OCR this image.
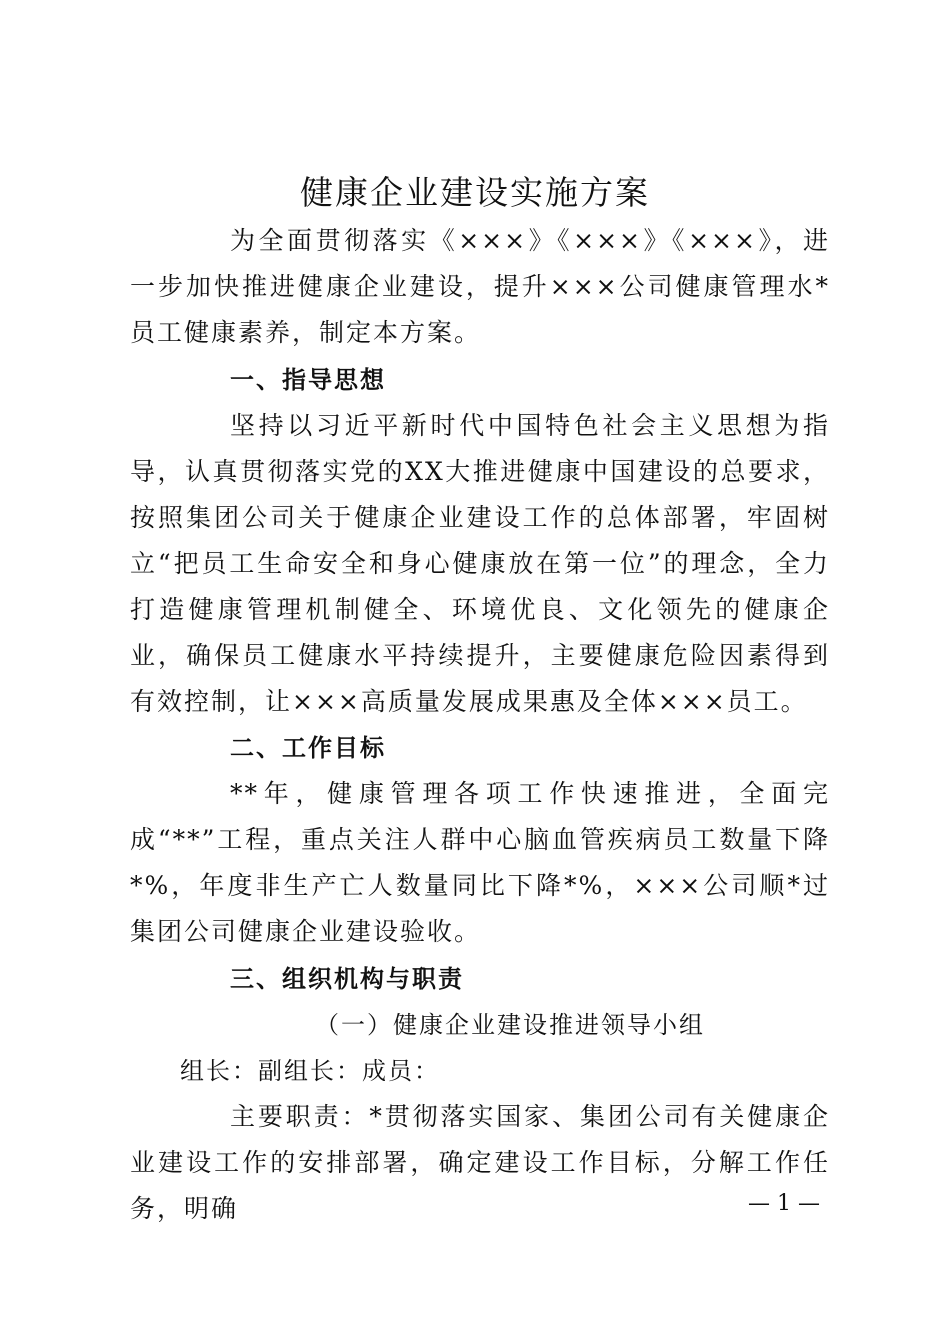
健康企业建设实施方案
为全面贯彻落实《×××》《×××》《×××》，进一步加快推进健康企业建设，提升×××公司健康管理水*员工健康素养，制定本方案。
一、指导思想
坚持以习近平新时代中国特色社会主义思想为指导，认真贯彻落实党的XX大推进健康中国建设的总要求，按照集团公司关于健康企业建设工作的总体部署，牢固树立“把员工生命安全和身心健康放在第一位”的理念，全力打造健康管理机制健全、环境优良、文化领先的健康企业，确保员工健康水平持续提升，主要健康危险因素得到有效控制，让×××高质量发展成果惠及全体×××员工。
二、工作目标
**年，健康管理各项工作快速推进，全面完成“**”工程，重点关注人群中心脑血管疾病员工数量下降*%，年度非生产亡人数量同比下降*%，×××公司顺*过集团公司健康企业建设验收。
三、组织机构与职责
（一）健康企业建设推进领导小组
组长：副组长：成员：
主要职责：*贯彻落实国家、集团公司有关健康企业建设工作的安排部署，确定建设工作目标，分解工作任务，明确	— 1 —
